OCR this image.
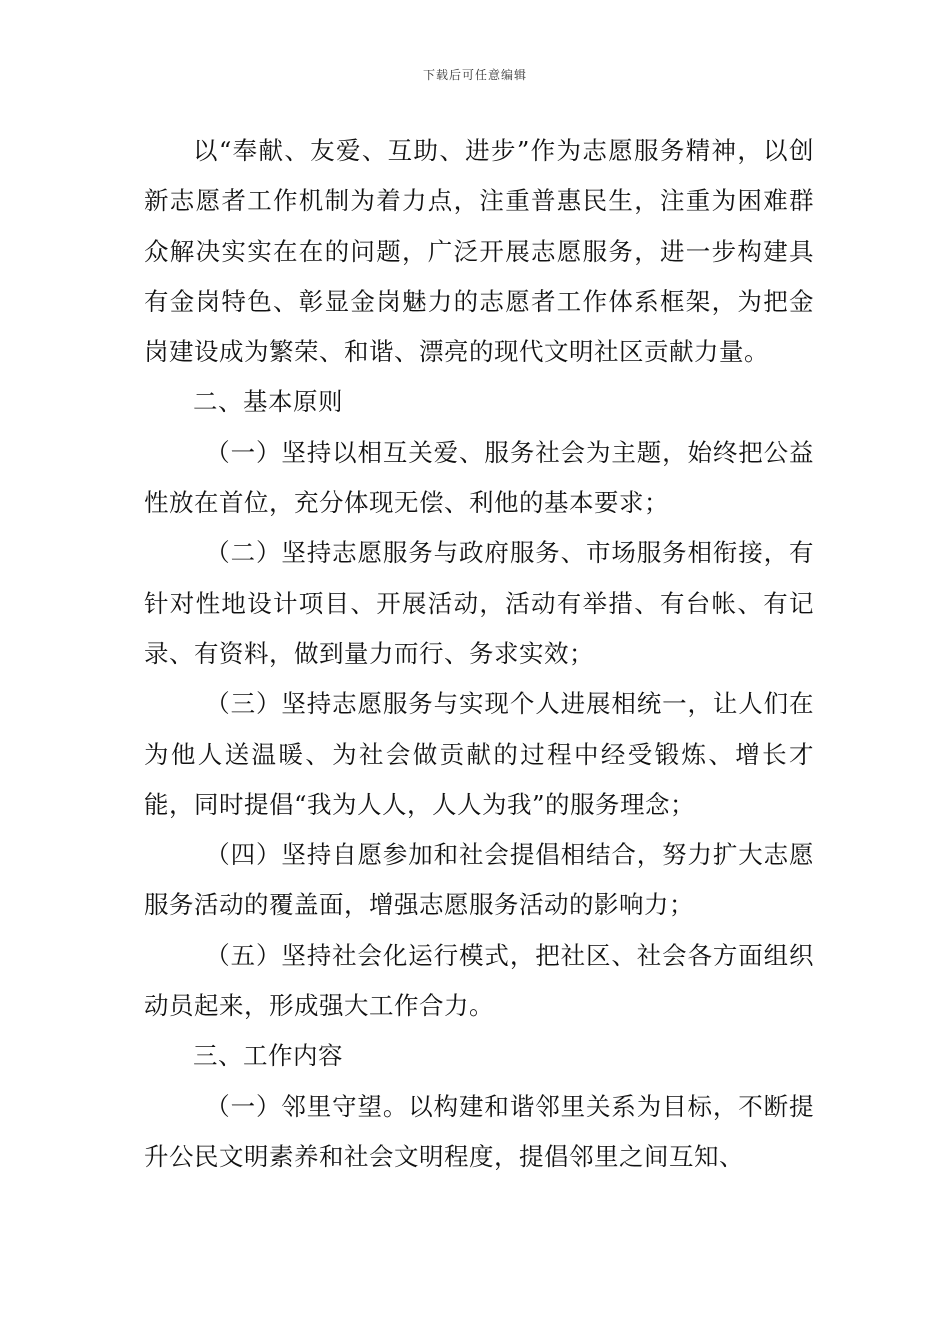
下载后可任意编辑

以“奉献、友爱、互助、进步”作为志愿服务精神，以创新志愿者工作机制为着力点，注重普惠民生，注重为困难群众解决实实在在的问题，广泛开展志愿服务，进一步构建具有金岗特色、彰显金岗魅力的志愿者工作体系框架，为把金岗建设成为繁荣、和谐、漂亮的现代文明社区贡献力量。

二、基本原则

（一）坚持以相互关爱、服务社会为主题，始终把公益性放在首位，充分体现无偿、利他的基本要求；

（二）坚持志愿服务与政府服务、市场服务相衔接，有针对性地设计项目、开展活动，活动有举措、有台帐、有记录、有资料，做到量力而行、务求实效；

（三）坚持志愿服务与实现个人进展相统一，让人们在为他人送温暖、为社会做贡献的过程中经受锻炼、增长才能，同时提倡“我为人人，人人为我”的服务理念；

（四）坚持自愿参加和社会提倡相结合，努力扩大志愿服务活动的覆盖面，增强志愿服务活动的影响力；

（五）坚持社会化运行模式，把社区、社会各方面组织动员起来，形成强大工作合力。

三、工作内容

（一）邻里守望。以构建和谐邻里关系为目标，不断提升公民文明素养和社会文明程度，提倡邻里之间互知、
